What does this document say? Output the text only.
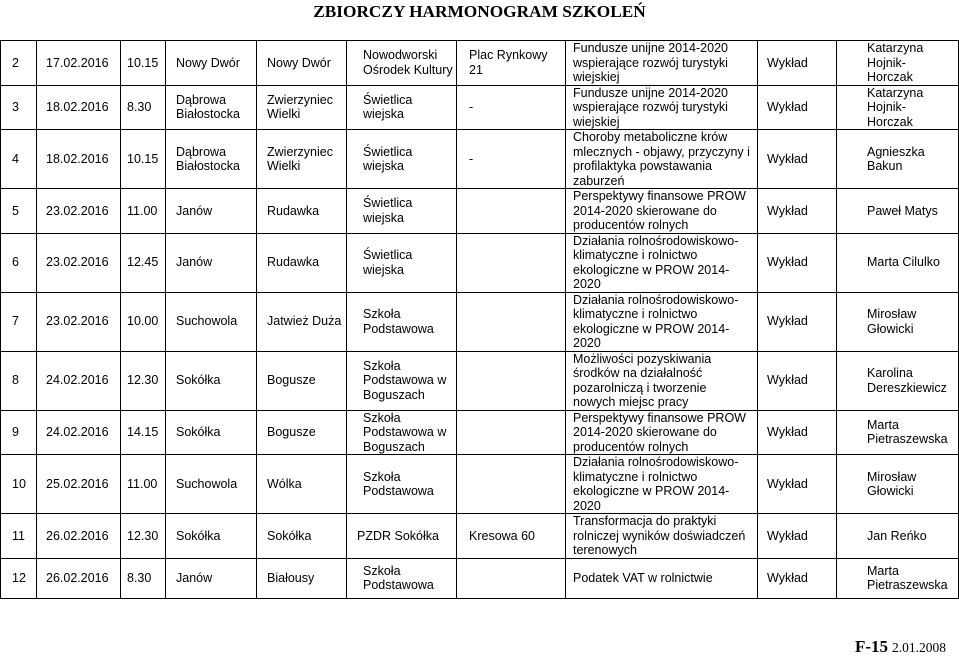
ZBIORCZY HARMONOGRAM SZKOLEŃ
2	17.02.2016	10.15	Nowy Dwór	Nowy Dwór	Nowodworski
Ośrodek Kultury	Plac Rynkowy
21	Fundusze unijne 2014-2020
wspierające rozwój turystyki
wiejskiej	Wykład	Katarzyna
Hojnik-
Horczak
3	18.02.2016	8.30	Dąbrowa
Białostocka	Zwierzyniec
Wielki	Świetlica
wiejska	-	Fundusze unijne 2014-2020
wspierające rozwój turystyki
wiejskiej	Wykład	Katarzyna
Hojnik-
Horczak
4	18.02.2016	10.15	Dąbrowa
Białostocka	Zwierzyniec
Wielki	Świetlica
wiejska	-	Choroby metaboliczne krów
mlecznych - objawy, przyczyny i
profilaktyka powstawania
zaburzeń	Wykład	Agnieszka
Bakun
5	23.02.2016	11.00	Janów	Rudawka	Świetlica
wiejska		Perspektywy finansowe PROW
2014-2020 skierowane do
producentów rolnych	Wykład	Paweł Matys
6	23.02.2016	12.45	Janów	Rudawka	Świetlica
wiejska		Działania rolnośrodowiskowo-
klimatyczne i rolnictwo
ekologiczne w PROW 2014-
2020	Wykład	Marta Cilulko
7	23.02.2016	10.00	Suchowola	Jatwież Duża	Szkoła
Podstawowa		Działania rolnośrodowiskowo-
klimatyczne i rolnictwo
ekologiczne w PROW 2014-
2020	Wykład	Mirosław
Głowicki
8	24.02.2016	12.30	Sokółka	Bogusze	Szkoła
Podstawowa w
Boguszach		Możliwości pozyskiwania
środków na działalność
pozarolniczą i tworzenie
nowych miejsc pracy	Wykład	Karolina
Dereszkiewicz
9	24.02.2016	14.15	Sokółka	Bogusze	Szkoła
Podstawowa w
Boguszach		Perspektywy finansowe PROW
2014-2020 skierowane do
producentów rolnych	Wykład	Marta
Pietraszewska
10	25.02.2016	11.00	Suchowola	Wólka	Szkoła
Podstawowa		Działania rolnośrodowiskowo-
klimatyczne i rolnictwo
ekologiczne w PROW 2014-
2020	Wykład	Mirosław
Głowicki
11	26.02.2016	12.30	Sokółka	Sokółka	PZDR Sokółka	Kresowa 60	Transformacja do praktyki
rolniczej wyników doświadczeń
terenowych	Wykład	Jan Reńko
12	26.02.2016	8.30	Janów	Białousy	Szkoła
Podstawowa		Podatek VAT w rolnictwie	Wykład	Marta
Pietraszewska
F-15 2.01.2008
